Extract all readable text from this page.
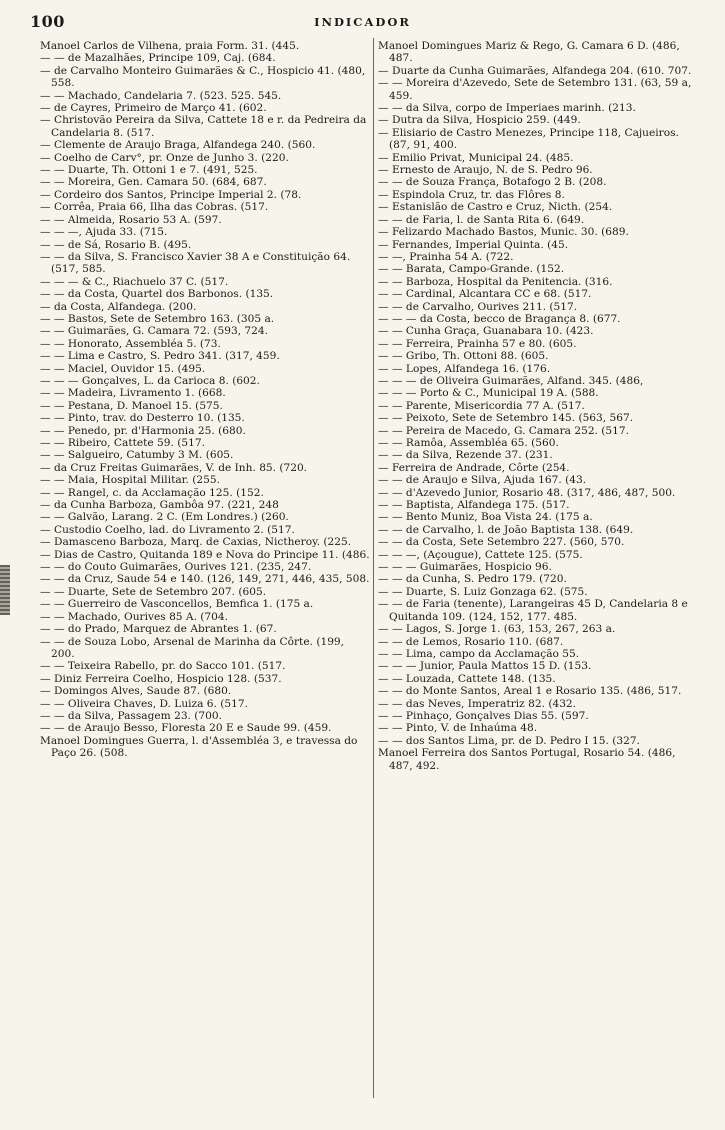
100	INDICADOR

Manoel Carlos de Vilhena, praia Form. 31. (445.

— — de Mazalhães, Principe 109, Caj. (684.

— de Carvalho Monteiro Guimarães & C., Hospicio 41. (480, 558.

— — Machado, Candelaria 7. (523. 525. 545.

— de Cayres, Primeiro de Março 41. (602.

— Christovão Pereira da Silva, Cattete 18 e r. da Pedreira da Candelaria 8. (517.

— Clemente de Araujo Braga, Alfandega 240. (560.

— Coelho de Carv°, pr. Onze de Junho 3. (220.

— — Duarte, Th. Ottoni 1 e 7. (491, 525.

— — Moreira, Gen. Camara 50. (684, 687.

— Cordeiro dos Santos, Principe Imperial 2. (78.

— Corrêa, Praia 66, Ilha das Cobras. (517.

— — Almeida, Rosario 53 A. (597.

— — —, Ajuda 33. (715.

— — de Sá, Rosario B. (495.

— — da Silva, S. Francisco Xavier 38 A e Constituição 64. (517, 585.

— — — & C., Riachuelo 37 C. (517.

— — da Costa, Quartel dos Barbonos. (135.

— da Costa, Alfandega. (200.

— — Bastos, Sete de Setembro 163. (305 a.

— — Guimarães, G. Camara 72. (593, 724.

— — Honorato, Assembléa 5. (73.

— — Lima e Castro, S. Pedro 341. (317, 459.

— — Maciel, Ouvidor 15. (495.

— — — Gonçalves, L. da Carioca 8. (602.

— — Madeira, Livramento 1. (668.

— — Pestana, D. Manoel 15. (575.

— — Pinto, trav. do Desterro 10. (135.

— — Penedo, pr. d'Harmonia 25. (680.

— — Ribeiro, Cattete 59. (517.

— — Salgueiro, Catumby 3 M. (605.

— da Cruz Freitas Guimarães, V. de Inh. 85. (720.

— — Maia, Hospital Militar. (255.

— — Rangel, c. da Acclamação 125. (152.

— da Cunha Barboza, Gambôa 97. (221, 248

— — Galvão, Larang. 2 C. (Em Londres.) (260.

— Custodio Coelho, lad. do Livramento 2. (517.

— Damasceno Barboza, Marq. de Caxias, Nictheroy. (225.

— Dias de Castro, Quitanda 189 e Nova do Principe 11. (486.

— — do Couto Guimarães, Ourives 121. (235, 247.

— — da Cruz, Saude 54 e 140. (126, 149, 271, 446, 435, 508.

— — Duarte, Sete de Setembro 207. (605.

— — Guerreiro de Vasconcellos, Bemfica 1. (175 a.

— — Machado, Ourives 85 A. (704.

— — do Prado, Marquez de Abrantes 1. (67.

— — de Souza Lobo, Arsenal de Marinha da Côrte. (199, 200.

— — Teixeira Rabello, pr. do Sacco 101. (517.

— Diniz Ferreira Coelho, Hospicio 128. (537.

— Domingos Alves, Saude 87. (680.

— — Oliveira Chaves, D. Luiza 6. (517.

— — da Silva, Passagem 23. (700.

— — de Araujo Besso, Floresta 20 E e Saude 99. (459.

Manoel Domingues Guerra, l. d'Assembléa 3, e travessa do Paço 26. (508.

Manoel Domingues Mariz & Rego, G. Camara 6 D. (486, 487.

— Duarte da Cunha Guimarães, Alfandega 204. (610. 707.

— — Moreira d'Azevedo, Sete de Setembro 131. (63, 59 a, 459.

— — da Silva, corpo de Imperiaes marinh. (213.

— Dutra da Silva, Hospicio 259. (449.

— Elisiario de Castro Menezes, Principe 118, Cajueiros. (87, 91, 400.

— Emilio Privat, Municipal 24. (485.

— Ernesto de Araujo, N. de S. Pedro 96.

— — de Souza França, Botafogo 2 B. (208.

— Espindola Cruz, tr. das Flôres 8.

— Estanislão de Castro e Cruz, Nicth. (254.

— — de Faria, l. de Santa Rita 6. (649.

— Felizardo Machado Bastos, Munic. 30. (689.

— Fernandes, Imperial Quinta. (45.

— —, Prainha 54 A. (722.

— — Barata, Campo-Grande. (152.

— — Barboza, Hospital da Penitencia. (316.

— — Cardinal, Alcantara CC e 68. (517.

— — de Carvalho, Ourives 211. (517.

— — — da Costa, becco de Bragança 8. (677.

— — Cunha Graça, Guanabara 10. (423.

— — Ferreira, Prainha 57 e 80. (605.

— — Gribo, Th. Ottoni 88. (605.

— — Lopes, Alfandega 16. (176.

— — — de Oliveira Guimarães, Alfand. 345. (486,

— — — Porto & C., Municipal 19 A. (588.

— — Parente, Misericordia 77 A. (517.

— — Peixoto, Sete de Setembro 145. (563, 567.

— — Pereira de Macedo, G. Camara 252. (517.

— — Ramôa, Assembléa 65. (560.

— — da Silva, Rezende 37. (231.

— Ferreira de Andrade, Côrte (254.

— — de Araujo e Silva, Ajuda 167. (43.

— — d'Azevedo Junior, Rosario 48. (317, 486, 487, 500.

— — Baptista, Alfandega 175. (517.

— — Bento Muniz, Boa Vista 24. (175 a.

— — de Carvalho, l. de João Baptista 138. (649.

— — da Costa, Sete Setembro 227. (560, 570.

— — —, (Açougue), Cattete 125. (575.

— — — Guimarães, Hospicio 96.

— — da Cunha, S. Pedro 179. (720.

— — Duarte, S. Luiz Gonzaga 62. (575.

— — de Faria (tenente), Larangeiras 45 D, Candelaria 8 e Quitanda 109. (124, 152, 177. 485.

— — Lagos, S. Jorge 1. (63, 153, 267, 263 a.

— — de Lemos, Rosario 110. (687.

— — Lima, campo da Acclamação 55.

— — — Junior, Paula Mattos 15 D. (153.

— — Louzada, Cattete 148. (135.

— — do Monte Santos, Areal 1 e Rosario 135. (486, 517.

— — das Neves, Imperatriz 82. (432.

— — Pinhaço, Gonçalves Dias 55. (597.

— — Pinto, V. de Inhaúma 48.

— — dos Santos Lima, pr. de D. Pedro I 15. (327.

Manoel Ferreira dos Santos Portugal, Rosario 54. (486, 487, 492.
